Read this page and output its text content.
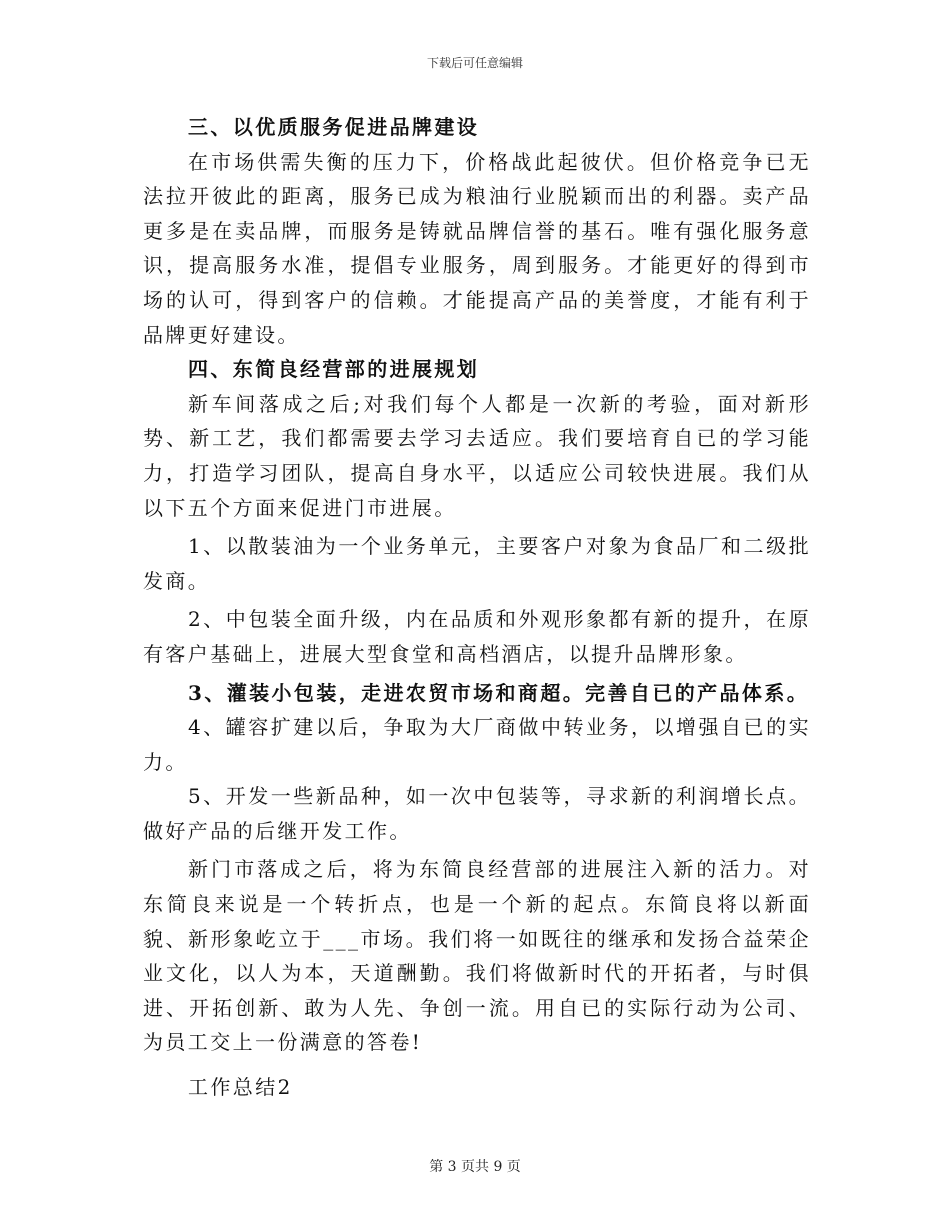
下载后可任意编辑

三、以优质服务促进品牌建设

在市场供需失衡的压力下，价格战此起彼伏。但价格竞争已无法拉开彼此的距离，服务已成为粮油行业脱颖而出的利器。卖产品更多是在卖品牌，而服务是铸就品牌信誉的基石。唯有强化服务意识，提高服务水准，提倡专业服务，周到服务。才能更好的得到市场的认可，得到客户的信赖。才能提高产品的美誉度，才能有利于品牌更好建设。

四、东简良经营部的进展规划

新车间落成之后;对我们每个人都是一次新的考验，面对新形势、新工艺，我们都需要去学习去适应。我们要培育自已的学习能力，打造学习团队，提高自身水平，以适应公司较快进展。我们从以下五个方面来促进门市进展。

1、以散装油为一个业务单元，主要客户对象为食品厂和二级批发商。

2、中包装全面升级，内在品质和外观形象都有新的提升，在原有客户基础上，进展大型食堂和高档酒店，以提升品牌形象。

3、灌装小包装，走进农贸市场和商超。完善自已的产品体系。

4、罐容扩建以后，争取为大厂商做中转业务，以增强自已的实力。

5、开发一些新品种，如一次中包装等，寻求新的利润增长点。做好产品的后继开发工作。

新门市落成之后，将为东简良经营部的进展注入新的活力。对东简良来说是一个转折点，也是一个新的起点。东简良将以新面貌、新形象屹立于___市场。我们将一如既往的继承和发扬合益荣企业文化，以人为本，天道酬勤。我们将做新时代的开拓者，与时俱进、开拓创新、敢为人先、争创一流。用自已的实际行动为公司、为员工交上一份满意的答卷!

工作总结2

第 3 页共 9 页
